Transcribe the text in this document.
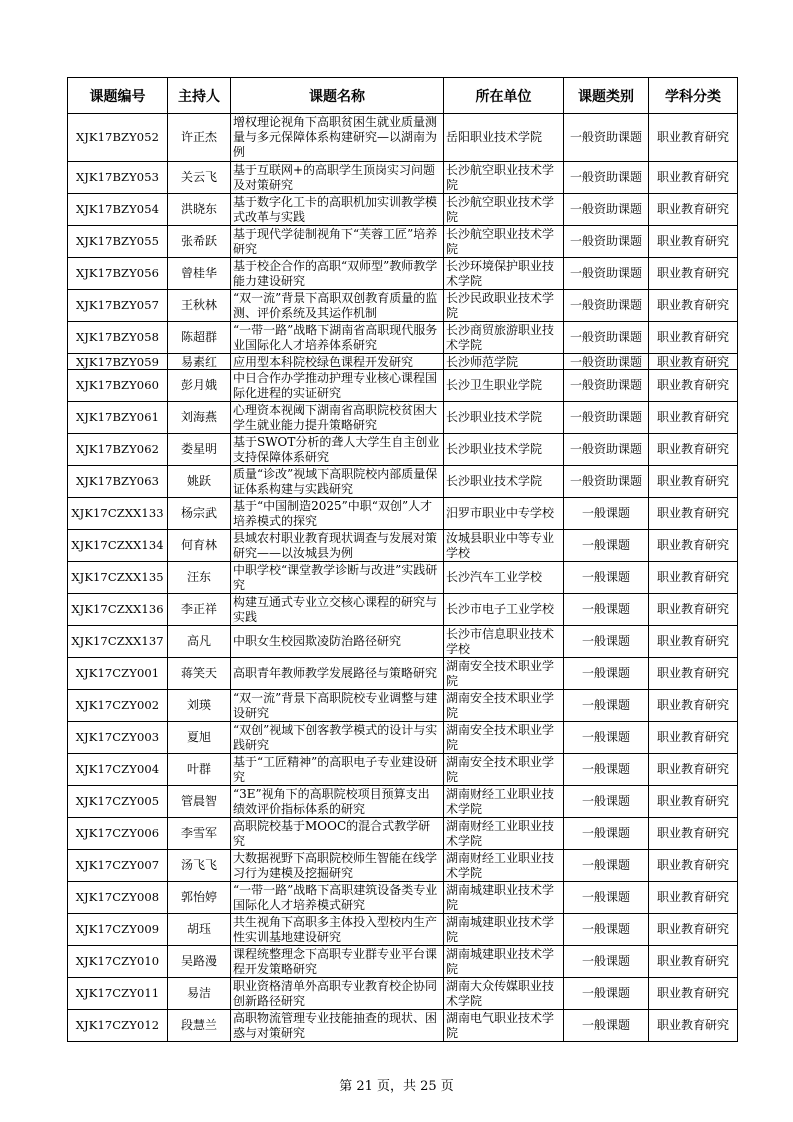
课题编号	主持人	课题名称	所在单位	课题类别	学科分类
XJK17BZY052	许正杰	增权理论视角下高职贫困生就业质量测量与多元保障体系构建研究—以湖南为例	岳阳职业技术学院	一般资助课题	职业教育研究
XJK17BZY053	关云飞	基于互联网+的高职学生顶岗实习问题及对策研究	长沙航空职业技术学院	一般资助课题	职业教育研究
XJK17BZY054	洪晓东	基于数字化工卡的高职机加实训教学模式改革与实践	长沙航空职业技术学院	一般资助课题	职业教育研究
XJK17BZY055	张希跃	基于现代学徒制视角下“芙蓉工匠”培养研究	长沙航空职业技术学院	一般资助课题	职业教育研究
XJK17BZY056	曾桂华	基于校企合作的高职“双师型”教师教学能力建设研究	长沙环境保护职业技术学院	一般资助课题	职业教育研究
XJK17BZY057	王秋林	“双一流”背景下高职双创教育质量的监测、评价系统及其运作机制	长沙民政职业技术学院	一般资助课题	职业教育研究
XJK17BZY058	陈超群	“一带一路”战略下湖南省高职现代服务业国际化人才培养体系研究	长沙商贸旅游职业技术学院	一般资助课题	职业教育研究
XJK17BZY059	易素红	应用型本科院校绿色课程开发研究	长沙师范学院	一般资助课题	职业教育研究
XJK17BZY060	彭月娥	中日合作办学推动护理专业核心课程国际化进程的实证研究	长沙卫生职业学院	一般资助课题	职业教育研究
XJK17BZY061	刘海燕	心理资本视阈下湖南省高职院校贫困大学生就业能力提升策略研究	长沙职业技术学院	一般资助课题	职业教育研究
XJK17BZY062	娄星明	基于SWOT分析的聋人大学生自主创业支持保障体系研究	长沙职业技术学院	一般资助课题	职业教育研究
XJK17BZY063	姚跃	质量“诊改”视域下高职院校内部质量保证体系构建与实践研究	长沙职业技术学院	一般资助课题	职业教育研究
XJK17CZXX133	杨宗武	基于“中国制造2025”中职“双创”人才培养模式的探究	汨罗市职业中专学校	一般课题	职业教育研究
XJK17CZXX134	何育林	县域农村职业教育现状调查与发展对策研究——以汝城县为例	汝城县职业中等专业学校	一般课题	职业教育研究
XJK17CZXX135	汪东	中职学校“课堂教学诊断与改进”实践研究	长沙汽车工业学校	一般课题	职业教育研究
XJK17CZXX136	李正祥	构建互通式专业立交核心课程的研究与实践	长沙市电子工业学校	一般课题	职业教育研究
XJK17CZXX137	高凡	中职女生校园欺凌防治路径研究	长沙市信息职业技术学校	一般课题	职业教育研究
XJK17CZY001	蒋笑天	高职青年教师教学发展路径与策略研究	湖南安全技术职业学院	一般课题	职业教育研究
XJK17CZY002	刘瑛	“双一流”背景下高职院校专业调整与建设研究	湖南安全技术职业学院	一般课题	职业教育研究
XJK17CZY003	夏旭	“双创”视域下创客教学模式的设计与实践研究	湖南安全技术职业学院	一般课题	职业教育研究
XJK17CZY004	叶群	基于“工匠精神”的高职电子专业建设研究	湖南安全技术职业学院	一般课题	职业教育研究
XJK17CZY005	管晨智	“3E”视角下的高职院校项目预算支出绩效评价指标体系的研究	湖南财经工业职业技术学院	一般课题	职业教育研究
XJK17CZY006	李雪军	高职院校基于MOOC的混合式教学研究	湖南财经工业职业技术学院	一般课题	职业教育研究
XJK17CZY007	汤飞飞	大数据视野下高职院校师生智能在线学习行为建模及挖掘研究	湖南财经工业职业技术学院	一般课题	职业教育研究
XJK17CZY008	郭怡婷	“一带一路”战略下高职建筑设备类专业国际化人才培养模式研究	湖南城建职业技术学院	一般课题	职业教育研究
XJK17CZY009	胡珏	共生视角下高职多主体投入型校内生产性实训基地建设研究	湖南城建职业技术学院	一般课题	职业教育研究
XJK17CZY010	吴路漫	课程统整理念下高职专业群专业平台课程开发策略研究	湖南城建职业技术学院	一般课题	职业教育研究
XJK17CZY011	易洁	职业资格清单外高职专业教育校企协同创新路径研究	湖南大众传媒职业技术学院	一般课题	职业教育研究
XJK17CZY012	段慧兰	高职物流管理专业技能抽查的现状、困惑与对策研究	湖南电气职业技术学院	一般课题	职业教育研究
第 21 页，共 25 页
